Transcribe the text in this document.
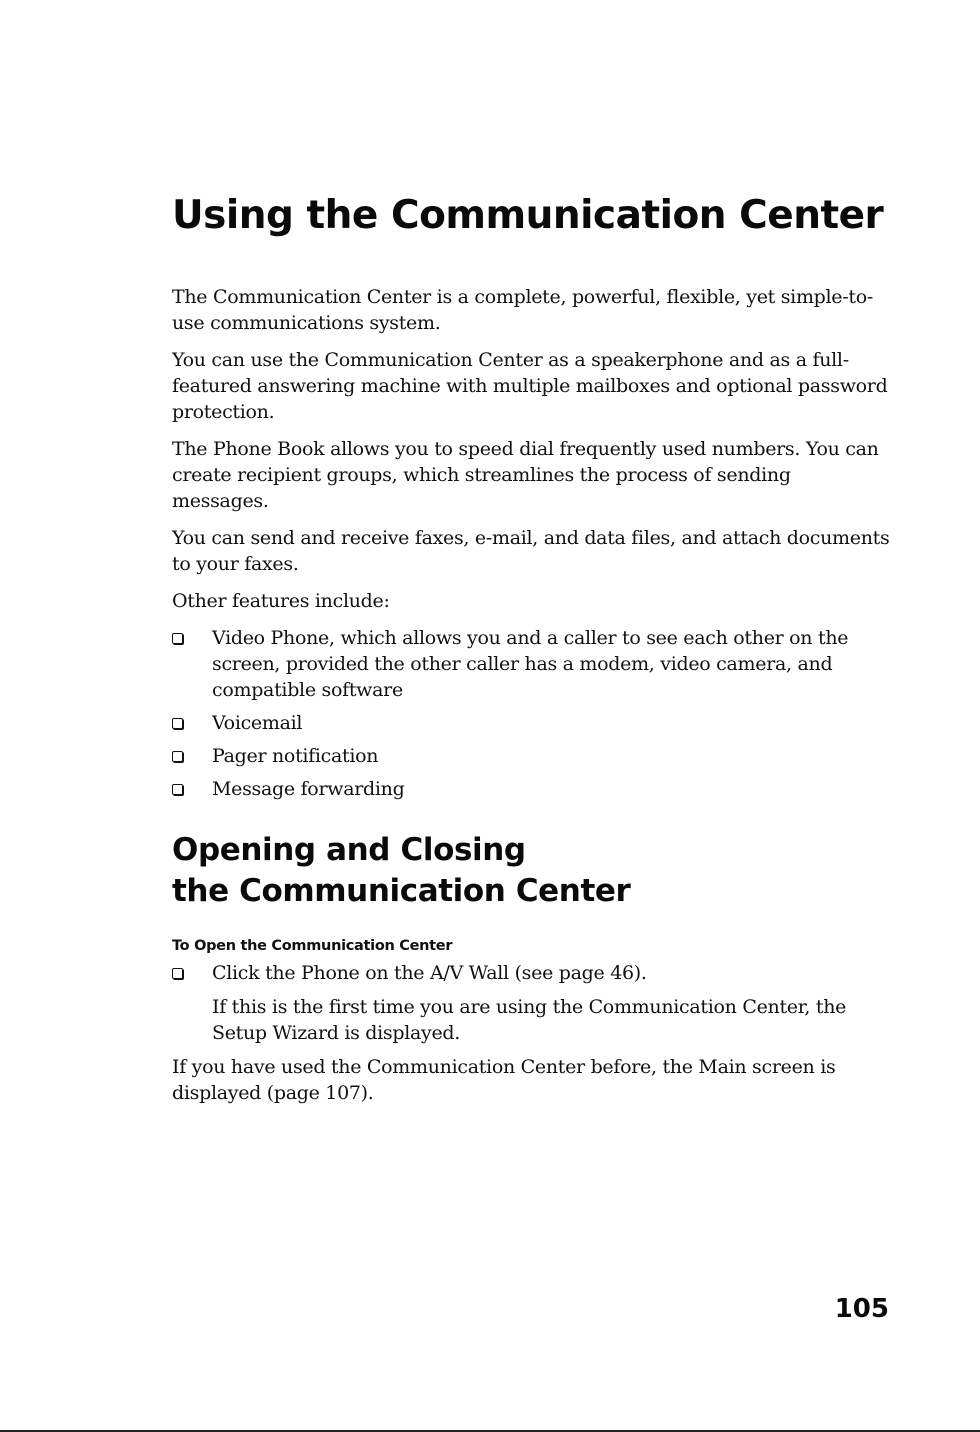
Using the Communication Center

The Communication Center is a complete, powerful, flexible, yet simple-to-use communications system.

You can use the Communication Center as a speakerphone and as a full-featured answering machine with multiple mailboxes and optional password protection.

The Phone Book allows you to speed dial frequently used numbers. You can create recipient groups, which streamlines the process of sending messages.

You can send and receive faxes, e-mail, and data files, and attach documents to your faxes.

Other features include:

Video Phone, which allows you and a caller to see each other on the screen, provided the other caller has a modem, video camera, and compatible software
Voicemail
Pager notification
Message forwarding
Opening and Closing
the Communication Center
To Open the Communication Center
Click the Phone on the A/V Wall (see page 46).

If this is the first time you are using the Communication Center, the Setup Wizard is displayed.

If you have used the Communication Center before, the Main screen is displayed (page 107).

105
